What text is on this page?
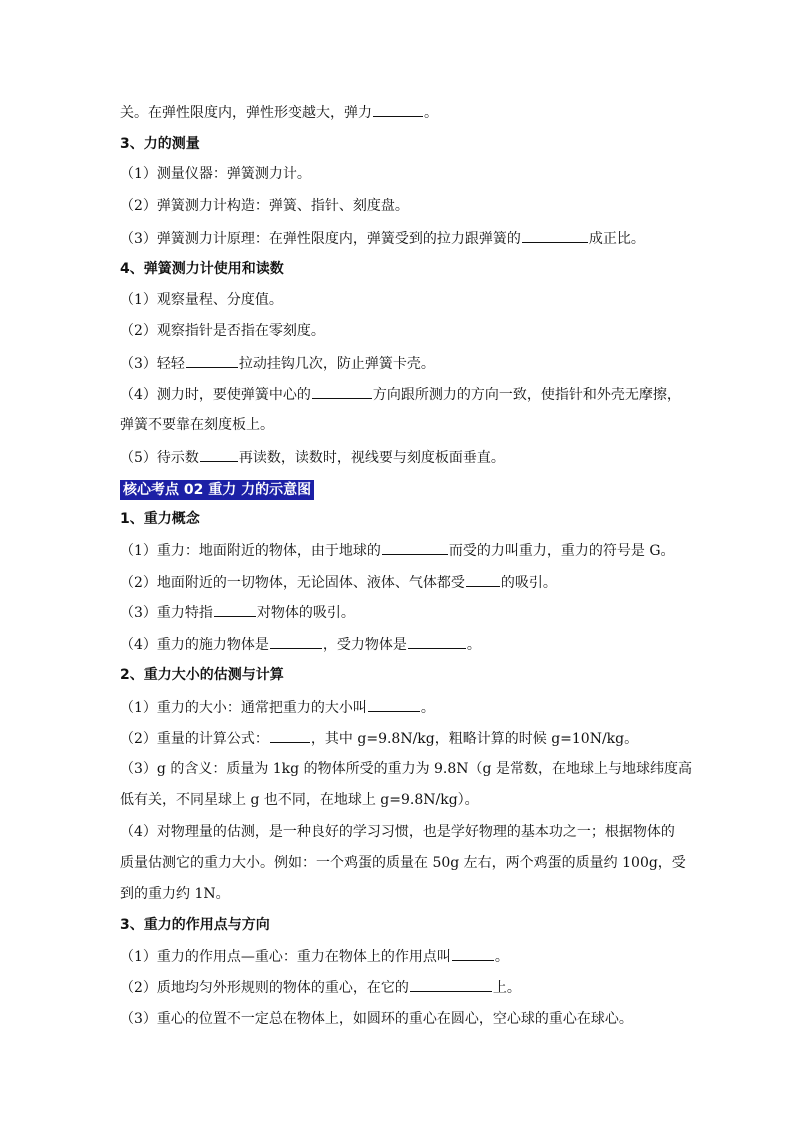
关。在弹性限度内，弹性形变越大，弹力	。
3、力的测量
（1）测量仪器：弹簧测力计。
（2）弹簧测力计构造：弹簧、指针、刻度盘。
（3）弹簧测力计原理：在弹性限度内，弹簧受到的拉力跟弹簧的	成正比。
4、弹簧测力计使用和读数
（1）观察量程、分度值。
（2）观察指针是否指在零刻度。
（3）轻轻	拉动挂钩几次，防止弹簧卡壳。
（4）测力时，要使弹簧中心的	方向跟所测力的方向一致，使指针和外壳无摩擦，
弹簧不要靠在刻度板上。
（5）待示数	再读数，读数时，视线要与刻度板面垂直。
核心考点 02 重力 力的示意图
1、重力概念
（1）重力：地面附近的物体，由于地球的	而受的力叫重力，重力的符号是 G。
（2）地面附近的一切物体，无论固体、液体、气体都受	的吸引。
（3）重力特指	对物体的吸引。
（4）重力的施力物体是	，受力物体是	。
2、重力大小的估测与计算
（1）重力的大小：通常把重力的大小叫	。
（2）重量的计算公式：	，其中 g=9.8N/kg，粗略计算的时候 g=10N/kg。
（3）g 的含义：质量为 1kg 的物体所受的重力为 9.8N（g 是常数，在地球上与地球纬度高
低有关，不同星球上 g 也不同，在地球上 g=9.8N/kg）。
（4）对物理量的估测，是一种良好的学习习惯，也是学好物理的基本功之一；根据物体的
质量估测它的重力大小。例如：一个鸡蛋的质量在 50g 左右，两个鸡蛋的质量约 100g，受
到的重力约 1N。
3、重力的作用点与方向
（1）重力的作用点—重心：重力在物体上的作用点叫	。
（2）质地均匀外形规则的物体的重心，在它的	上。
（3）重心的位置不一定总在物体上，如圆环的重心在圆心，空心球的重心在球心。
